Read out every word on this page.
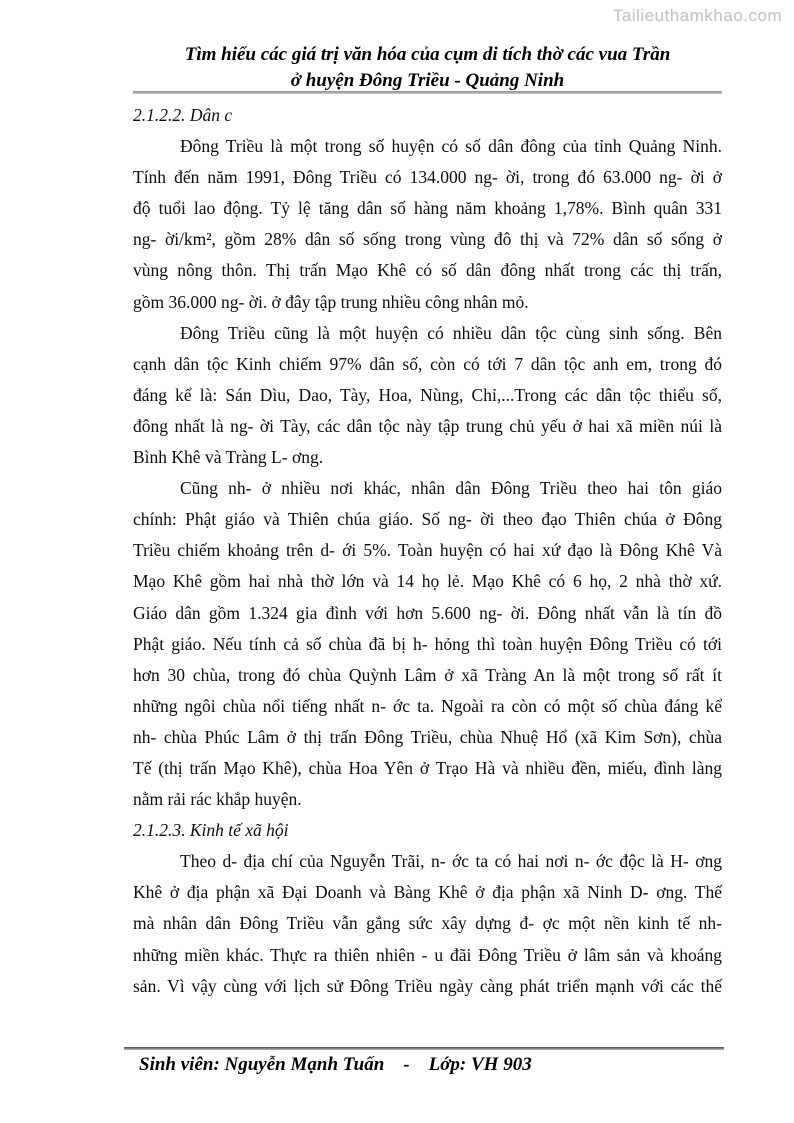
Tailieuthamkhao.com
Tìm hiểu các giá trị văn hóa của cụm di tích thờ các vua Trần
ở huyện Đông Triều - Quảng Ninh
2.1.2.2. Dân c
Đông Triều là một trong số huyện có số dân đông của tỉnh Quảng Ninh.
Tính đến năm 1991, Đông Triều có 134.000 ng- ời, trong đó 63.000 ng- ời ở
độ tuổi lao động. Tỷ lệ tăng dân số hàng năm khoảng 1,78%. Bình quân 331
ng- ời/km², gồm 28% dân số sống trong vùng đô thị và 72% dân số sống ở
vùng nông thôn. Thị trấn Mạo Khê có số dân đông nhất trong các thị trấn,
gồm 36.000 ng- ời. ở đây tập trung nhiều công nhân mỏ.
Đông Triều cũng là một huyện có nhiều dân tộc cùng sinh sống. Bên
cạnh dân tộc Kinh chiếm 97% dân số, còn có tới 7 dân tộc anh em, trong đó
đáng kể là: Sán Dìu, Dao, Tày, Hoa, Nùng, Chỉ,...Trong các dân tộc thiểu số,
đông nhất là ng- ời Tày, các dân tộc này tập trung chủ yếu ở hai xã miền núi là
Bình Khê và Tràng L- ơng.
Cũng nh- ở nhiều nơi khác, nhân dân Đông Triều theo hai tôn giáo
chính: Phật giáo và Thiên chúa giáo. Số ng- ời theo đạo Thiên chúa ở Đông
Triều chiếm khoảng trên d- ới 5%. Toàn huyện có hai xứ đạo là Đông Khê Và
Mạo Khê gồm hai nhà thờ lớn và 14 họ lẻ. Mạo Khê có 6 họ, 2 nhà thờ xứ.
Giáo dân gồm 1.324 gia đình với hơn 5.600 ng- ời. Đông nhất vẫn là tín đồ
Phật giáo. Nếu tính cả số chùa đã bị h- hỏng thì toàn huyện Đông Triều có tới
hơn 30 chùa, trong đó chùa Quỳnh Lâm ở xã Tràng An là một trong số rất ít
những ngôi chùa nổi tiếng nhất n- ớc ta. Ngoài ra còn có một số chùa đáng kể
nh- chùa Phúc Lâm ở thị trấn Đông Triều, chùa Nhuệ Hổ (xã Kim Sơn), chùa
Tế (thị trấn Mạo Khê), chùa Hoa Yên ở Trạo Hà và nhiều đền, miếu, đình làng
nằm rải rác khắp huyện.
2.1.2.3. Kinh tế xã hội
Theo d- địa chí của Nguyễn Trãi, n- ớc ta có hai nơi n- ớc độc là H- ơng
Khê ở địa phận xã Đại Doanh và Bàng Khê ở địa phận xã Ninh D- ơng. Thế
mà nhân dân Đông Triều vẫn gắng sức xây dựng đ- ợc một nền kinh tế nh-
những miền khác. Thực ra thiên nhiên - u đãi Đông Triều ở lâm sản và khoáng
sản. Vì vậy cùng với lịch sử Đông Triều ngày càng phát triển mạnh với các thế
Sinh viên: Nguyễn Mạnh Tuấn    -    Lớp: VH 903
